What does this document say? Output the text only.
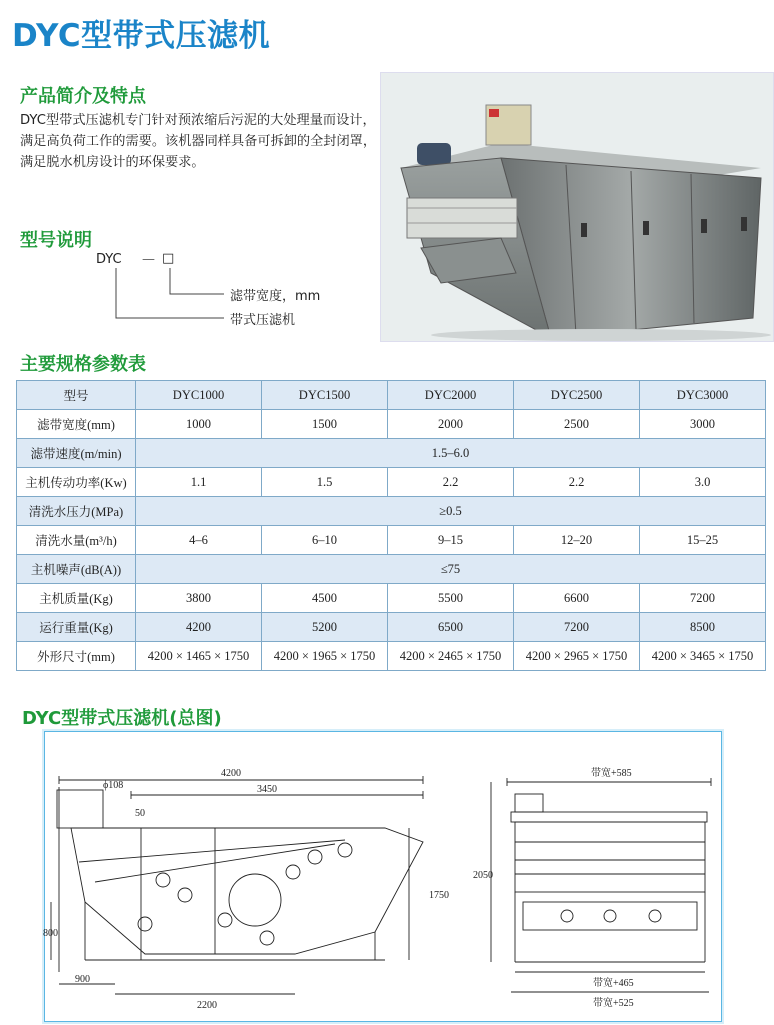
DYC型带式压滤机
产品简介及特点
DYC型带式压滤机专门针对预浓缩后污泥的大处理量而设计，满足高负荷工作的需要。该机器同样具备可拆卸的全封闭罩，满足脱水机房设计的环保要求。
型号说明
DYC — □
滤带宽度，mm
带式压滤机
主要规格参数表
型号	DYC1000	DYC1500	DYC2000	DYC2500	DYC3000
滤带宽度(mm)	1000	1500	2000	2500	3000
滤带速度(m/min)	1.5–6.0				
主机传动功率(Kw)	1.1	1.5	2.2	2.2	3.0
清洗水压力(MPa)	≥0.5				
清洗水量(m³/h)	4–6	6–10	9–15	12–20	15–25
主机噪声(dB(A))	≤75				
主机质量(Kg)	3800	4500	5500	6600	7200
运行重量(Kg)	4200	5200	6500	7200	8500
外形尺寸(mm)	4200 × 1465 × 1750	4200 × 1965 × 1750	4200 × 2465 × 1750	4200 × 2965 × 1750	4200 × 3465 × 1750
DYC型带式压滤机(总图)
4200
3450
ϕ108
50
1750
800
900
2200
2050
带宽+585
带宽+465
带宽+525
